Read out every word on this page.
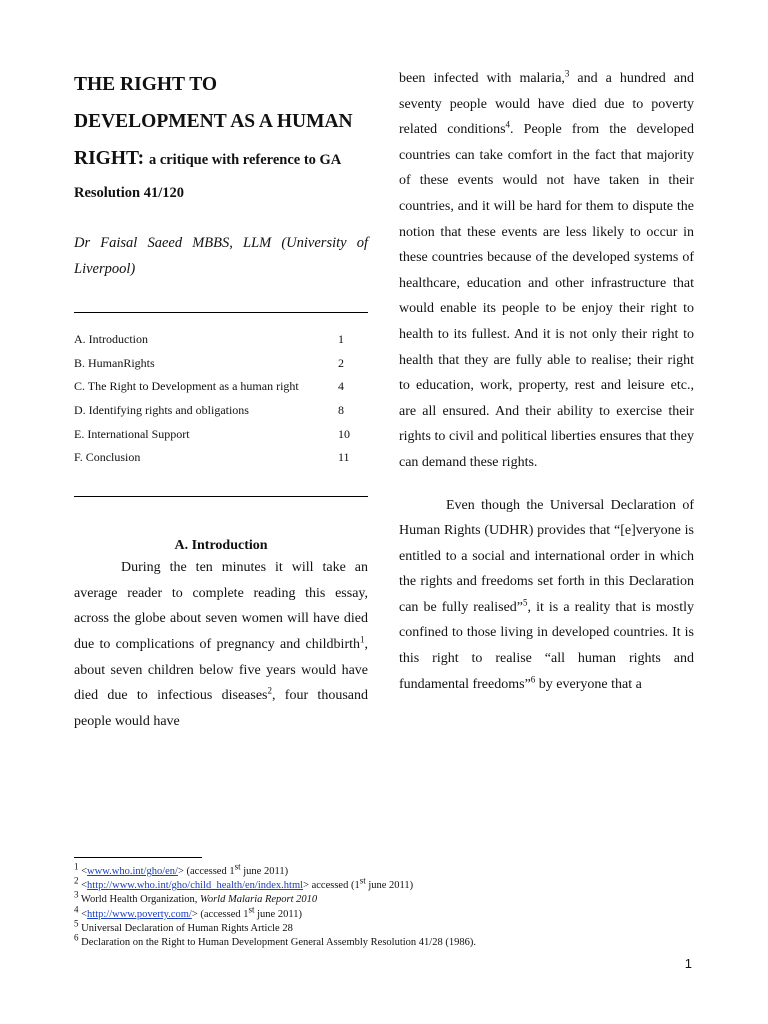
THE RIGHT TO
DEVELOPMENT AS A HUMAN
RIGHT: a critique with reference to GA
Resolution 41/120
Dr Faisal Saeed MBBS, LLM (University of Liverpool)
A. Introduction	1
B. HumanRights	2
C. The Right to Development as a human right	4
D. Identifying rights and obligations	8
E. International Support	10
F. Conclusion	11
A. Introduction

During the ten minutes it will take an average reader to complete reading this essay, across the globe about seven women will have died due to complications of pregnancy and childbirth$^1$, about seven children below five years would have died due to infectious diseases$^2$, four thousand people would have

been infected with malaria,$^3$ and a hundred and seventy people would have died due to poverty related conditions$^4$. People from the developed countries can take comfort in the fact that majority of these events would not have taken in their countries, and it will be hard for them to dispute the notion that these events are less likely to occur in these countries because of the developed systems of healthcare, education and other infrastructure that would enable its people to be enjoy their right to health to its fullest. And it is not only their right to health that they are fully able to realise; their right to education, work, property, rest and leisure etc., are all ensured. And their ability to exercise their rights to civil and political liberties ensures that they can demand these rights.

Even though the Universal Declaration of Human Rights (UDHR) provides that “[e]veryone is entitled to a social and international order in which the rights and freedoms set forth in this Declaration can be fully realised”$^5$, it is a reality that is mostly confined to those living in developed countries. It is this right to realise “all human rights and fundamental freedoms”$^6$ by everyone that a

$^1$ <www.who.int/gho/en/> (accessed 1st june 2011)
$^2$ <http://www.who.int/gho/child_health/en/index.html> accessed (1st june 2011)
$^3$ World Health Organization, World Malaria Report 2010
$^4$ <http://www.poverty.com/> (accessed 1st june 2011)
$^5$ Universal Declaration of Human Rights Article 28
$^6$ Declaration on the Right to Human Development General Assembly Resolution 41/28 (1986).
1
